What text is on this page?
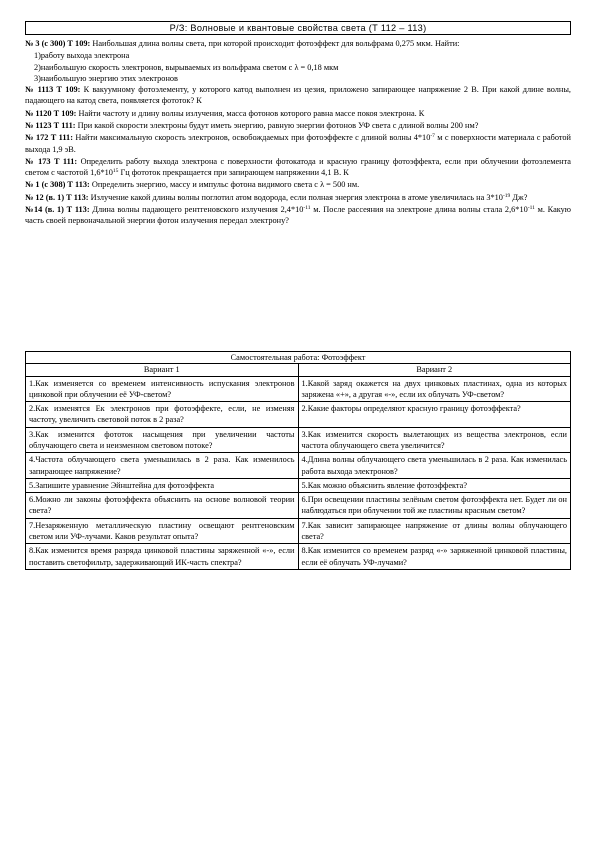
Р/З: Волновые и квантовые свойства света (Т 112 – 113)

№ 3 (с 300) Т 109: Наибольшая длина волны света, при которой происходит фотоэффект для вольфрама 0,275 мкм. Найти:

1)работу выхода электрона

2)наибольшую скорость электронов, вырываемых из вольфрама светом с λ = 0,18 мкм

3)наибольшую энергию этих электронов

№ 1113 Т 109: К вакуумному фотоэлементу, у которого катод выполнен из цезия, приложено запирающее напряжение 2 В. При какой длине волны, падающего на катод света, появляется фототок? К

№ 1120 Т 109: Найти частоту и длину волны излучения, масса фотонов которого равна массе покоя электрона. К

№ 1123 Т 111: При какой скорости электроны будут иметь энергию, равную энергии фотонов УФ света с длиной волны 200 нм?

№ 172 Т 111: Найти максимальную скорость электронов, освобождаемых при фотоэффекте с длиной волны $4*10^{-7}$ м с поверхности материала с работой выхода 1,9 эВ.

№ 173 Т 111: Определить работу выхода электрона с поверхности фотокатода и красную границу фотоэффекта, если при облучении фотоэлемента светом с частотой $1,6*10^{15}$ Гц фототок прекращается при запирающем напряжении 4,1 В. К

№ 1 (с 308) Т 113: Определить энергию, массу и импульс фотона видимого света с λ = 500 нм.

№ 12 (в. 1) Т 113: Излучение какой длины волны поглотил атом водорода, если полная энергия электрона в атоме увеличилась на $3*10^{-19}$ Дж?

№14 (в. 1) Т 113: Длина волны падающего рентгеновского излучения $2,4*10^{-11}$ м. После рассеяния на электроне длина волны стала $2,6*10^{-11}$ м. Какую часть своей первоначальной энергии фотон излучения передал электрону?

Самостоятельная работа: Фотоэффект	
Вариант 1	Вариант 2
1.Как изменяется со временем интенсивность испускания электронов цинковой при облучении её УФ-светом?	1.Какой заряд окажется на двух цинковых пластинах, одна из которых заряжена «+», а другая «-», если их облучать УФ-светом?
2.Как изменятся Ек электронов при фотоэффекте, если, не изменяя частоту, увеличить световой поток в 2 раза?	2.Какие факторы определяют красную границу фотоэффекта?
3.Как изменится фототок насыщения при увеличении частоты облучающего света и неизменном световом потоке?	3.Как изменится скорость вылетающих из вещества электронов, если частота облучающего света увеличится?
4.Частота облучающего света уменьшилась в 2 раза. Как изменилось запирающее напряжение?	4.Длина волны облучающего света уменьшилась в 2 раза. Как изменилась работа выхода электронов?
5.Запишите уравнение Эйнштейна для фотоэффекта	5.Как можно объяснить явление фотоэффекта?
6.Можно ли законы фотоэффекта объяснить на основе волновой теории света?	6.При освещении пластины зелёным светом фотоэффекта нет. Будет ли он наблюдаться при облучении той же пластины красным светом?
7.Незаряженную металлическую пластину освещают рентгеновским светом или УФ-лучами. Каков результат опыта?	7.Как зависит запирающее напряжение от длины волны облучающего света?
8.Как изменится время разряда цинковой пластины заряженной «-», если поставить светофильтр, задерживающий ИК-часть спектра?	8.Как изменится со временем разряд «-» заряженной цинковой пластины, если её облучать УФ-лучами?
